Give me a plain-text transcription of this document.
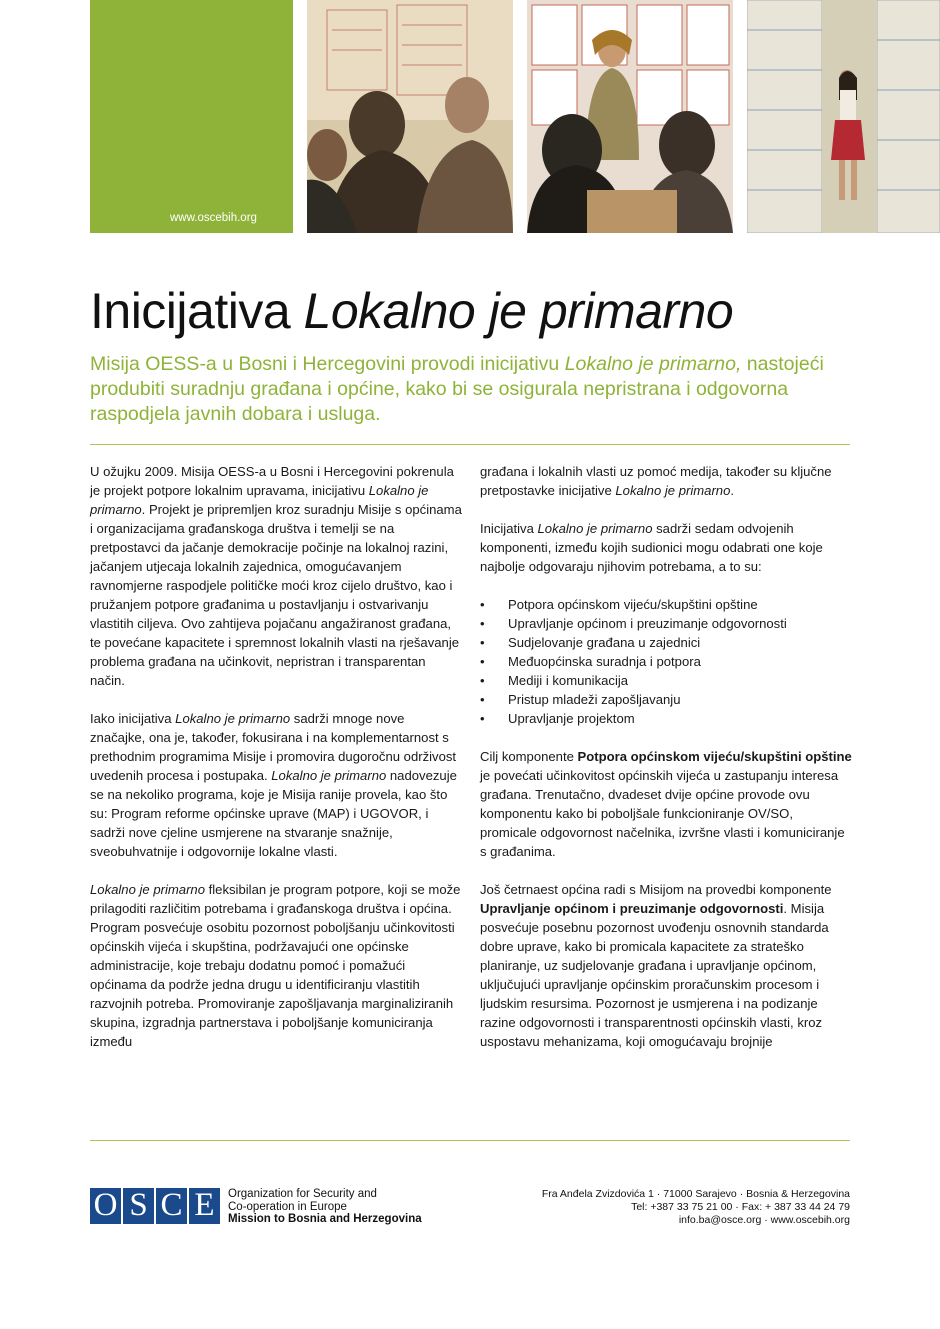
www.oscebih.org
Inicijativa Lokalno je primarno

Misija OESS-a u Bosni i Hercegovini provodi inicijativu Lokalno je primarno, nastojeći produbiti suradnju građana i općine, kako bi se osigurala nepristrana i odgovorna raspodjela javnih dobara i usluga.

U ožujku 2009. Misija OESS-a u Bosni i Hercegovini pokrenula je projekt potpore lokalnim upravama, inicijativu Lokalno je primarno. Projekt je pripremljen kroz suradnju Misije s općinama i organizacijama građanskoga društva i temelji se na pretpostavci da jačanje demokracije počinje na lokalnoj razini, jačanjem utjecaja lokalnih zajednica, omogućavanjem ravnomjerne raspodjele političke moći kroz cijelo društvo, kao i pružanjem potpore građanima u postavljanju i ostvarivanju vlastitih ciljeva. Ovo zahtijeva pojačanu angažiranost građana, te povećane kapacitete i spremnost lokalnih vlasti na rješavanje problema građana na učinkovit, nepristran i transparentan način.

Iako inicijativa Lokalno je primarno sadrži mnoge nove značajke, ona je, također, fokusirana i na komplementarnost s prethodnim programima Misije i promovira dugoročnu održivost uvedenih procesa i postupaka. Lokalno je primarno nadovezuje se na nekoliko programa, koje je Misija ranije provela, kao što su: Program reforme općinske uprave (MAP) i UGOVOR, i sadrži nove cjeline usmjerene na stvaranje snažnije, sveobuhvatnije i odgovornije lokalne vlasti.

Lokalno je primarno fleksibilan je program potpore, koji se može prilagoditi različitim potrebama i građanskoga društva i općina. Program posvećuje osobitu pozornost poboljšanju učinkovitosti općinskih vijeća i skupština, podržavajući one općinske administracije, koje trebaju dodatnu pomoć i pomažući općinama da podrže jedna drugu u identificiranju vlastitih razvojnih potreba. Promoviranje zapošljavanja marginaliziranih skupina, izgradnja partnerstava i poboljšanje komuniciranja između

građana i lokalnih vlasti uz pomoć medija, također su ključne pretpostavke inicijative Lokalno je primarno.

Inicijativa Lokalno je primarno sadrži sedam odvojenih komponenti, između kojih sudionici mogu odabrati one koje najbolje odgovaraju njihovim potrebama, a to su:

• Potpora općinskom vijeću/skupštini opštine
• Upravljanje općinom i preuzimanje odgovornosti
• Sudjelovanje građana u zajednici
• Međuopćinska suradnja i potpora
• Mediji i komunikacija
• Pristup mladeži zapošljavanju
• Upravljanje projektom

Cilj komponente Potpora općinskom vijeću/skupštini opštine je povećati učinkovitost općinskih vijeća u zastupanju interesa građana. Trenutačno, dvadeset dvije općine provode ovu komponentu kako bi poboljšale funkcioniranje OV/SO, promicale odgovornost načelnika, izvršne vlasti i komuniciranje s građanima.

Još četrnaest općina radi s Misijom na provedbi komponente Upravljanje općinom i preuzimanje odgovornosti. Misija posvećuje posebnu pozornost uvođenju osnovnih standarda dobre uprave, kako bi promicala kapacitete za strateško planiranje, uz sudjelovanje građana i upravljanje općinom, uključujući upravljanje općinskim proračunskim procesom i ljudskim resursima. Pozornost je usmjerena i na podizanje razine odgovornosti i transparentnosti općinskih vlasti, kroz uspostavu mehanizama, koji omogućavaju brojnije

O S C E	Organization for Security and
Co-operation in Europe
Mission to Bosnia and Herzegovina
Fra Anđela Zvizdovića 1 · 71000 Sarajevo · Bosnia & Herzegovina
Tel: +387 33 75 21 00 · Fax: + 387 33 44 24 79
info.ba@osce.org · www.oscebih.org
